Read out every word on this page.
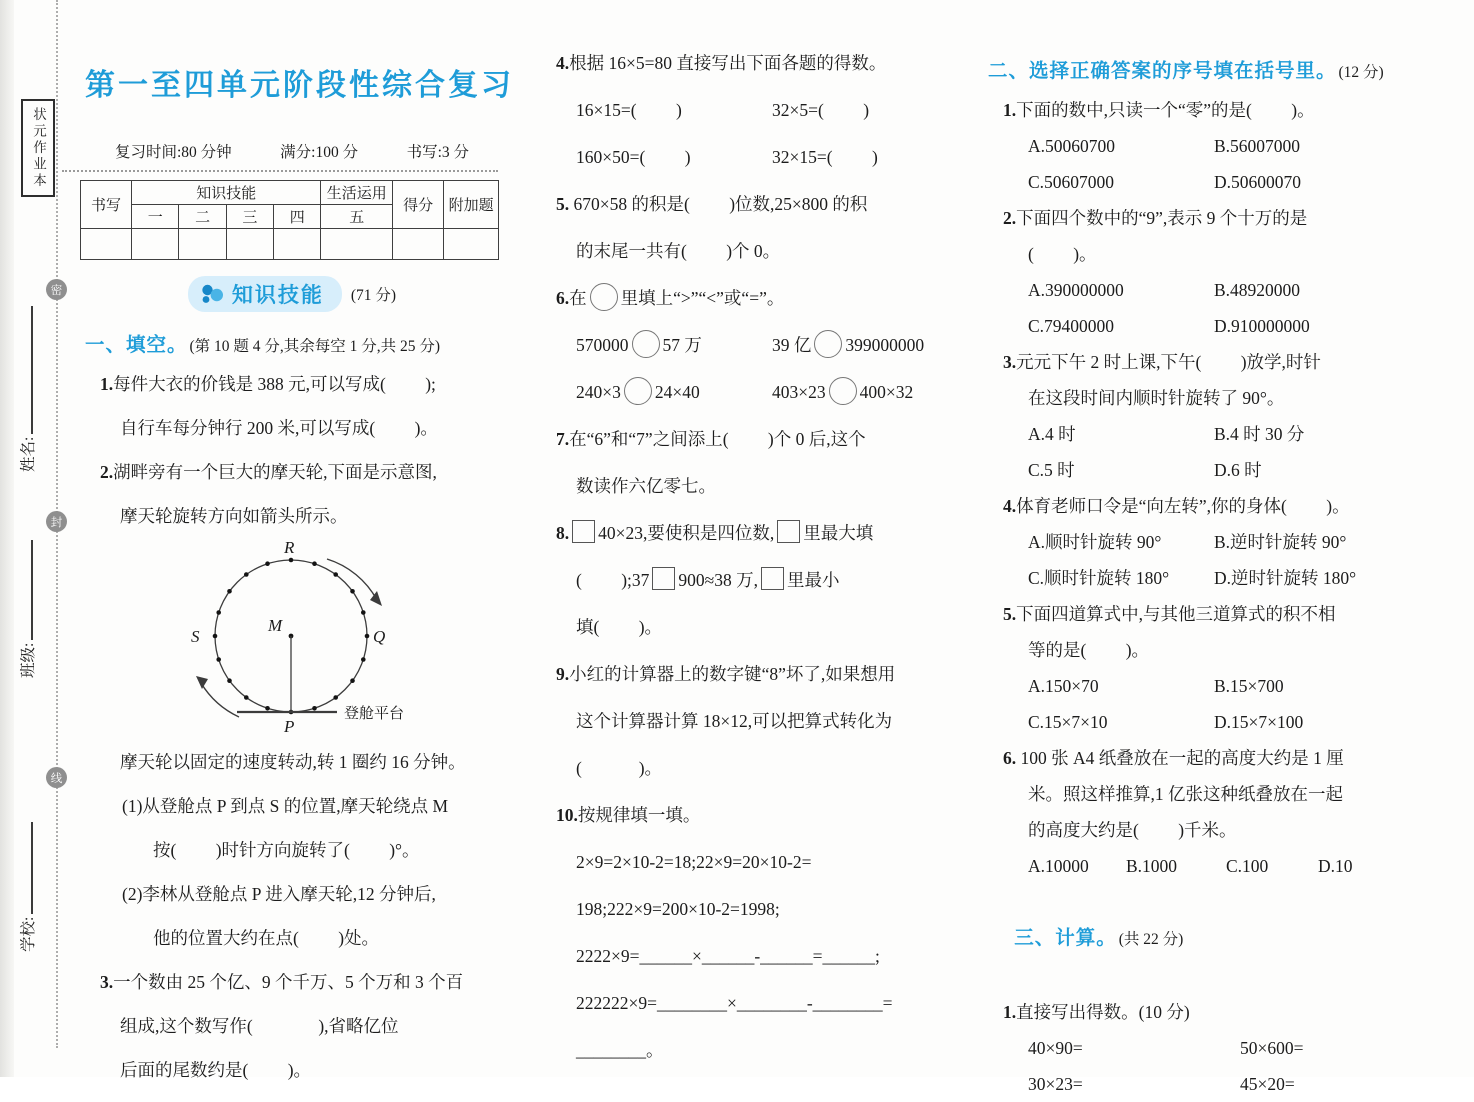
状元作业本
姓名:
班级:
学校:
密
封
线
第一至四单元阶段性综合复习
复习时间:80 分钟	满分:100 分	书写:3 分
书写	知识技能				生活运用	得分	附加题
	一	二	三	四	五		

知识技能 (71 分)
一、填空。 (第 10 题 4 分,其余每空 1 分,共 25 分)
1.每件大衣的价钱是 388 元,可以写成(         );
自行车每分钟行 200 米,可以写成(         )。
2.湖畔旁有一个巨大的摩天轮,下面是示意图,
摩天轮旋转方向如箭头所示。
R
Q
S
P
M
登舱平台
摩天轮以固定的速度转动,转 1 圈约 16 分钟。
(1)从登舱点 P 到点 S 的位置,摩天轮绕点 M
按(         )时针方向旋转了(         )°。
(2)李林从登舱点 P 进入摩天轮,12 分钟后,
他的位置大约在点(         )处。
3.一个数由 25 个亿、9 个千万、5 个万和 3 个百
组成,这个数写作(               ),省略亿位
后面的尾数约是(         )。
4.根据 16×5=80 直接写出下面各题的得数。
16×15=(         )	32×5=(         )
160×50=(         )	32×15=(         )
5. 670×58 的积是(         )位数,25×800 的积
的末尾一共有(         )个 0。
6.在 里填上“>”“<”或“=”。
570000 57 万	39 亿 399000000
240×3 24×40	403×23 400×32
7.在“6”和“7”之间添上(         )个 0 后,这个
数读作六亿零七。
8. 40×23,要使积是四位数, 里最大填
(         );37 900≈38 万, 里最小
填(         )。
9.小红的计算器上的数字键“8”坏了,如果想用
这个计算器计算 18×12,可以把算式转化为
(             )。
10.按规律填一填。
2×9=2×10-2=18;22×9=20×10-2=
198;222×9=200×10-2=1998;
2222×9=______×______-______=______;
222222×9=________×________-________=
________。
二、选择正确答案的序号填在括号里。 (12 分)
1.下面的数中,只读一个“零”的是(         )。
A.50060700	B.56007000
C.50607000	D.50600070
2.下面四个数中的“9”,表示 9 个十万的是
(         )。
A.390000000	B.48920000
C.79400000	D.910000000
3.元元下午 2 时上课,下午(         )放学,时针
在这段时间内顺时针旋转了 90°。
A.4 时	B.4 时 30 分
C.5 时	D.6 时
4.体育老师口令是“向左转”,你的身体(         )。
A.顺时针旋转 90°	B.逆时针旋转 90°
C.顺时针旋转 180°	D.逆时针旋转 180°
5.下面四道算式中,与其他三道算式的积不相
等的是(         )。
A.150×70	B.15×700
C.15×7×10	D.15×7×100
6. 100 张 A4 纸叠放在一起的高度大约是 1 厘
米。照这样推算,1 亿张这种纸叠放在一起
的高度大约是(         )千米。
A.10000	B.1000	C.100	D.10

三、计算。 (共 22 分)

1.直接写出得数。(10 分)
40×90=	50×600=
30×23=	45×20=
